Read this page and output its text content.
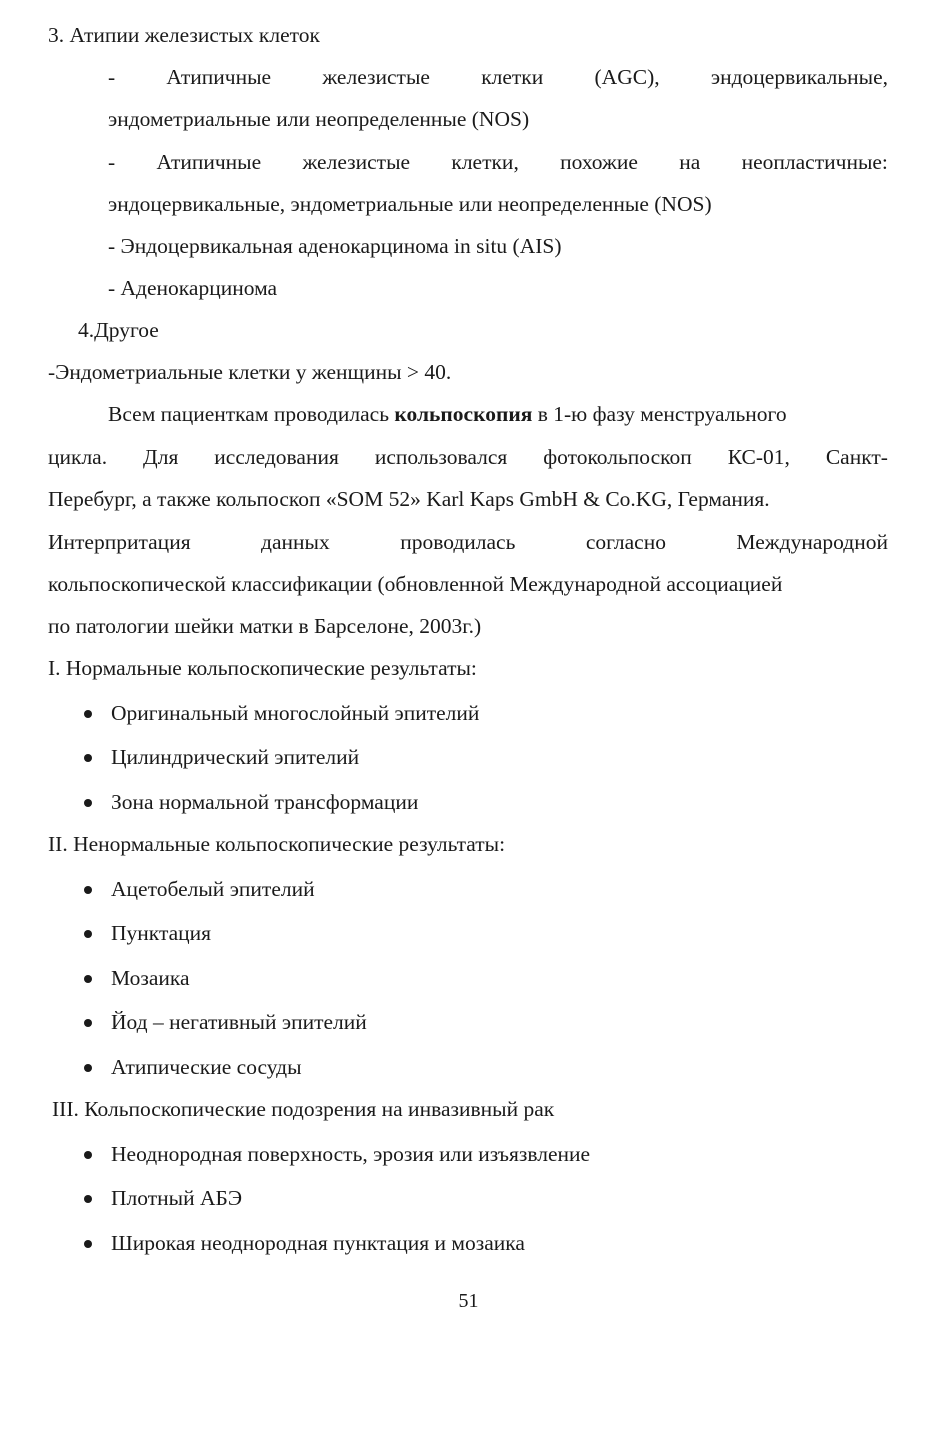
3. Атипии железистых клеток
- Атипичные железистые клетки (AGC), эндоцервикальные,
эндометриальные или неопределенные (NOS)
- Атипичные железистые клетки, похожие на неопластичные:
эндоцервикальные, эндометриальные или неопределенные (NOS)
- Эндоцервикальная аденокарцинома in situ (AIS)
- Аденокарцинома
4.Другое
-Эндометриальные клетки у женщины > 40.
Всем пациенткам проводилась кольпоскопия в 1-ю фазу менструального
цикла. Для исследования использовался фотокольпоскоп КС-01, Санкт-
Перебург, а также кольпоскоп «SOM 52» Karl Kaps GmbH & Co.KG, Германия.
Интерпритация	данных	проводилась	согласно	Международной
кольпоскопической классификации (обновленной Международной ассоциацией
по патологии шейки матки в Барселоне, 2003г.)
I. Нормальные кольпоскопические результаты:
Оригинальный многослойный эпителий
Цилиндрический эпителий
Зона нормальной трансформации
II. Ненормальные кольпоскопические результаты:
Ацетобелый эпителий
Пунктация
Мозаика
Йод – негативный эпителий
Атипические сосуды
III. Кольпоскопические подозрения на инвазивный рак
Неоднородная поверхность, эрозия или изъязвление
Плотный АБЭ
Широкая неоднородная пунктация и мозаика
51
